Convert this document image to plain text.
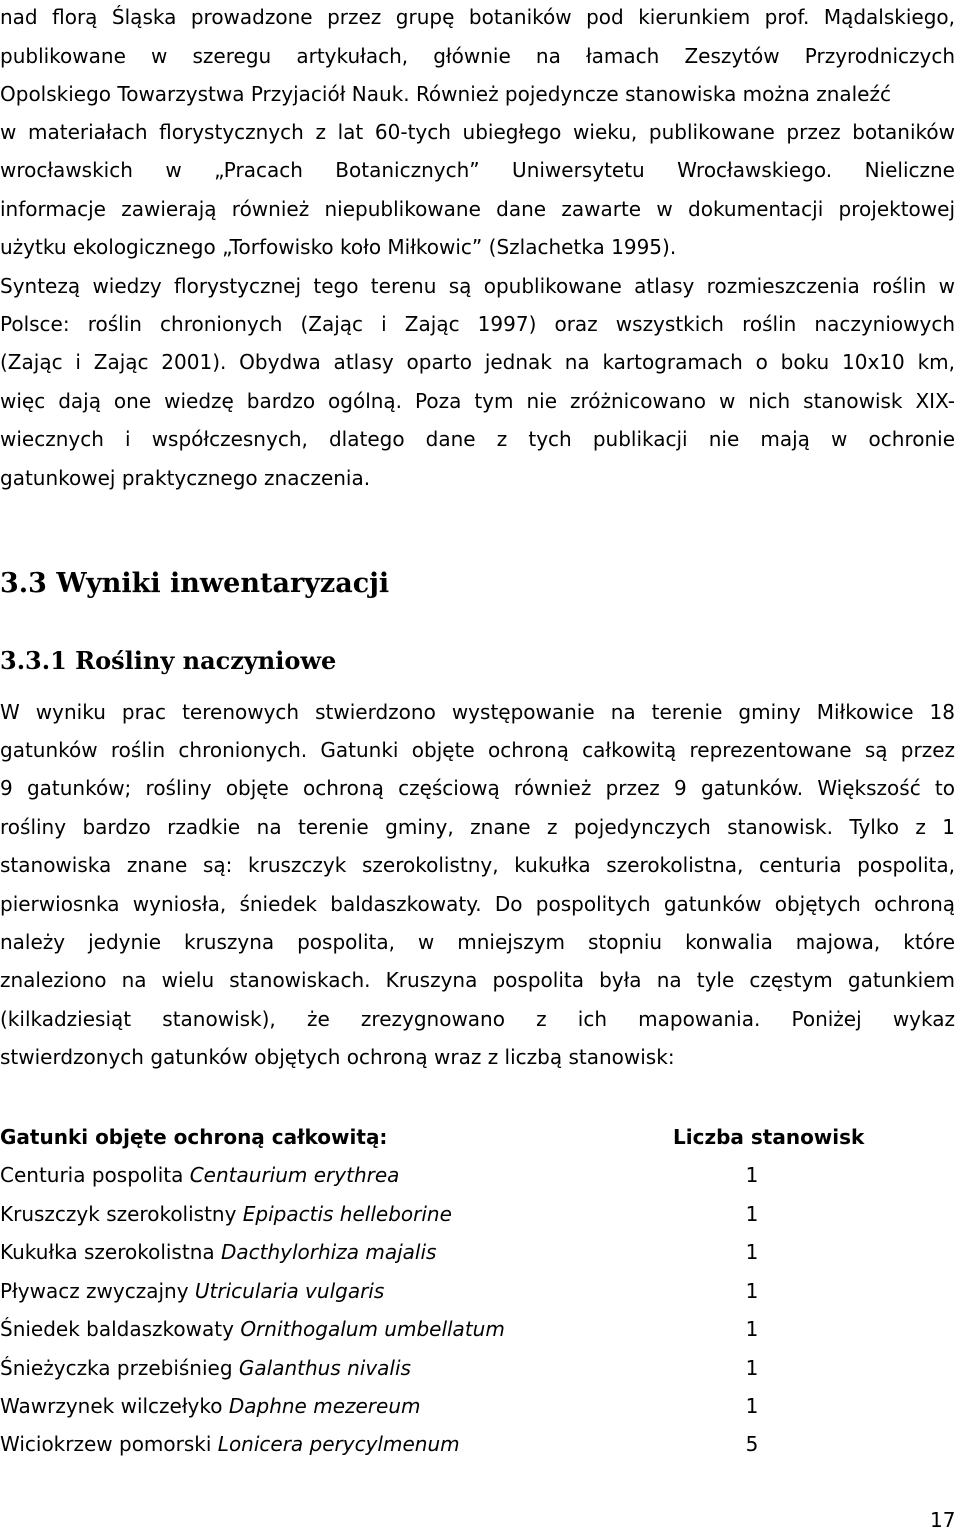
nad florą Śląska prowadzone przez grupę botaników pod kierunkiem prof. Mądalskiego,
publikowane w szeregu artykułach, głównie na łamach Zeszytów Przyrodniczych
Opolskiego Towarzystwa Przyjaciół Nauk. Również pojedyncze stanowiska można znaleźć
w materiałach florystycznych z lat 60-tych ubiegłego wieku, publikowane przez botaników
wrocławskich w „Pracach Botanicznych” Uniwersytetu Wrocławskiego. Nieliczne
informacje zawierają również niepublikowane dane zawarte w dokumentacji projektowej
użytku ekologicznego „Torfowisko koło Miłkowic” (Szlachetka 1995).
Syntezą wiedzy florystycznej tego terenu są opublikowane atlasy rozmieszczenia roślin w
Polsce: roślin chronionych (Zając i Zając 1997) oraz wszystkich roślin naczyniowych
(Zając i Zając 2001). Obydwa atlasy oparto jednak na kartogramach o boku 10x10 km,
więc dają one wiedzę bardzo ogólną. Poza tym nie zróżnicowano w nich stanowisk XIX-
wiecznych i współczesnych, dlatego dane z tych publikacji nie mają w ochronie
gatunkowej praktycznego znaczenia.
3.3 Wyniki inwentaryzacji
3.3.1 Rośliny naczyniowe
W wyniku prac terenowych stwierdzono występowanie na terenie gminy Miłkowice 18
gatunków roślin chronionych. Gatunki objęte ochroną całkowitą reprezentowane są przez
9 gatunków; rośliny objęte ochroną częściową również przez 9 gatunków. Większość to
rośliny bardzo rzadkie na terenie gminy, znane z pojedynczych stanowisk. Tylko z 1
stanowiska znane są: kruszczyk szerokolistny, kukułka szerokolistna, centuria pospolita,
pierwiosnka wyniosła, śniedek baldaszkowaty. Do pospolitych gatunków objętych ochroną
należy jedynie kruszyna pospolita, w mniejszym stopniu konwalia majowa, które
znaleziono na wielu stanowiskach. Kruszyna pospolita była na tyle częstym gatunkiem
(kilkadziesiąt stanowisk), że zrezygnowano z ich mapowania. Poniżej wykaz
stwierdzonych gatunków objętych ochroną wraz z liczbą stanowisk:
Gatunki objęte ochroną całkowitą:	Liczba stanowisk
Centuria pospolita Centaurium erythrea	1
Kruszczyk szerokolistny Epipactis helleborine	1
Kukułka szerokolistna Dacthylorhiza majalis	1
Pływacz zwyczajny Utricularia vulgaris	1
Śniedek baldaszkowaty Ornithogalum umbellatum	1
Śnieżyczka przebiśnieg Galanthus nivalis	1
Wawrzynek wilczełyko Daphne mezereum	1
Wiciokrzew pomorski Lonicera perycylmenum	5
17
